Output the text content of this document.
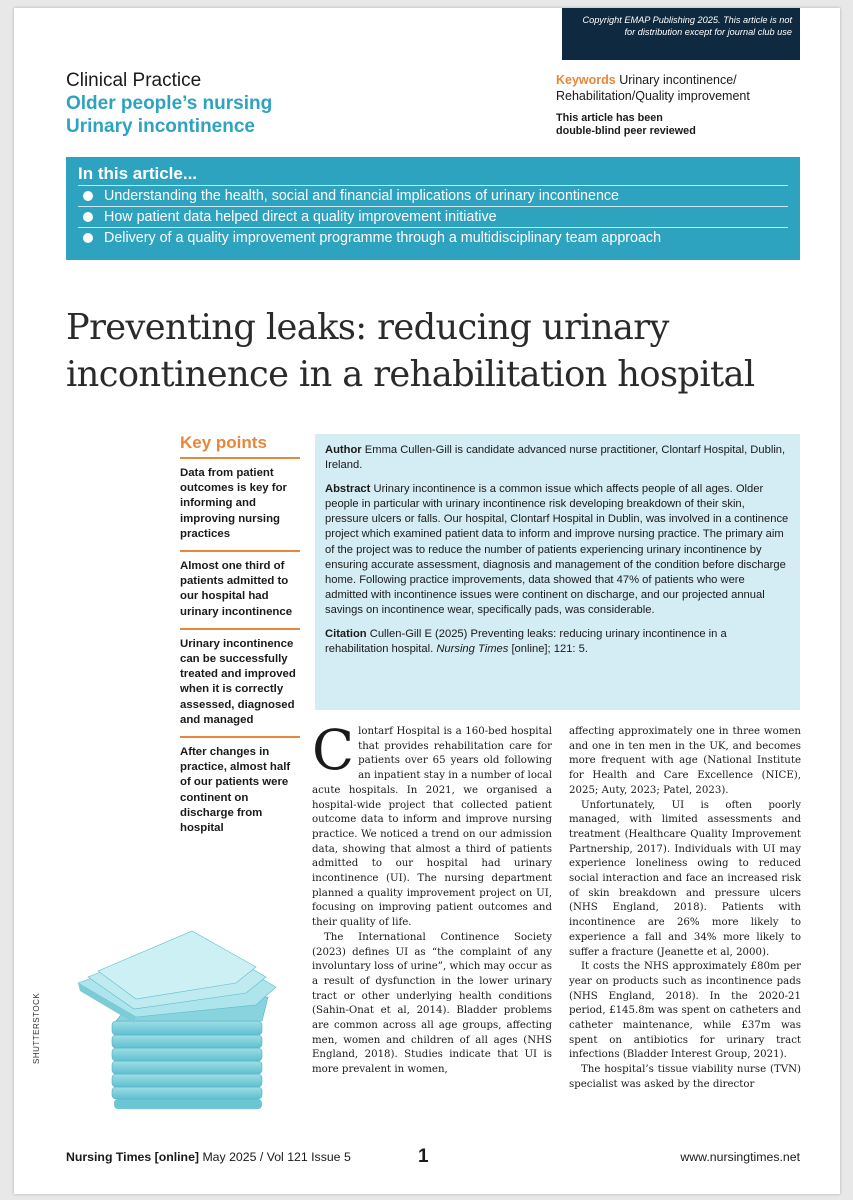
Copyright EMAP Publishing 2025. This article is not for distribution except for journal club use
Clinical Practice
Older people’s nursing
Urinary incontinence
Keywords Urinary incontinence/ Rehabilitation/Quality improvement
This article has been
double-blind peer reviewed
In this article...
Understanding the health, social and financial implications of urinary incontinence
How patient data helped direct a quality improvement initiative
Delivery of a quality improvement programme through a multidisciplinary team approach
Preventing leaks: reducing urinary
incontinence in a rehabilitation hospital
Key points
Data from patient outcomes is key for informing and improving nursing practices
Almost one third of patients admitted to our hospital had urinary incontinence
Urinary incontinence can be successfully treated and improved when it is correctly assessed, diagnosed and managed
After changes in practice, almost half of our patients were continent on discharge from hospital

Author Emma Cullen-Gill is candidate advanced nurse practitioner, Clontarf Hospital, Dublin, Ireland.

Abstract Urinary incontinence is a common issue which affects people of all ages. Older people in particular with urinary incontinence risk developing breakdown of their skin, pressure ulcers or falls. Our hospital, Clontarf Hospital in Dublin, was involved in a continence project which examined patient data to inform and improve nursing practice. The primary aim of the project was to reduce the number of patients experiencing urinary incontinence by ensuring accurate assessment, diagnosis and management of the condition before discharge home. Following practice improvements, data showed that 47% of patients who were admitted with incontinence issues were continent on discharge, and our projected annual savings on incontinence wear, specifically pads, was considerable.

Citation Cullen-Gill E (2025) Preventing leaks: reducing urinary incontinence in a rehabilitation hospital. Nursing Times [online]; 121: 5.

Clontarf Hospital is a 160-bed hospital that provides rehabilitation care for patients over 65 years old following an inpatient stay in a number of local acute hospitals. In 2021, we organised a hospital-wide project that collected patient outcome data to inform and improve nursing practice. We noticed a trend on our admission data, showing that almost a third of patients admitted to our hospital had urinary incontinence (UI). The nursing department planned a quality improvement project on UI, focusing on improving patient outcomes and their quality of life.

The International Continence Society (2023) defines UI as “the complaint of any involuntary loss of urine”, which may occur as a result of dysfunction in the lower urinary tract or other underlying health conditions (Sahin-Onat et al, 2014). Bladder problems are common across all age groups, affecting men, women and children of all ages (NHS England, 2018). Studies indicate that UI is more prevalent in women,

affecting approximately one in three women and one in ten men in the UK, and becomes more frequent with age (National Institute for Health and Care Excellence (NICE), 2025; Auty, 2023; Patel, 2023).

Unfortunately, UI is often poorly managed, with limited assessments and treatment (Healthcare Quality Improvement Partnership, 2017). Individuals with UI may experience loneliness owing to reduced social interaction and face an increased risk of skin breakdown and pressure ulcers (NHS England, 2018). Patients with incontinence are 26% more likely to experience a fall and 34% more likely to suffer a fracture (Jeanette et al, 2000).

It costs the NHS approximately £80m per year on products such as incontinence pads (NHS England, 2018). In the 2020-21 period, £145.8m was spent on catheters and catheter maintenance, while £37m was spent on antibiotics for urinary tract infections (Bladder Interest Group, 2021).

The hospital’s tissue viability nurse (TVN) specialist was asked by the director

SHUTTERSTOCK
Nursing Times [online] May 2025 / Vol 121 Issue 5	1	www.nursingtimes.net
